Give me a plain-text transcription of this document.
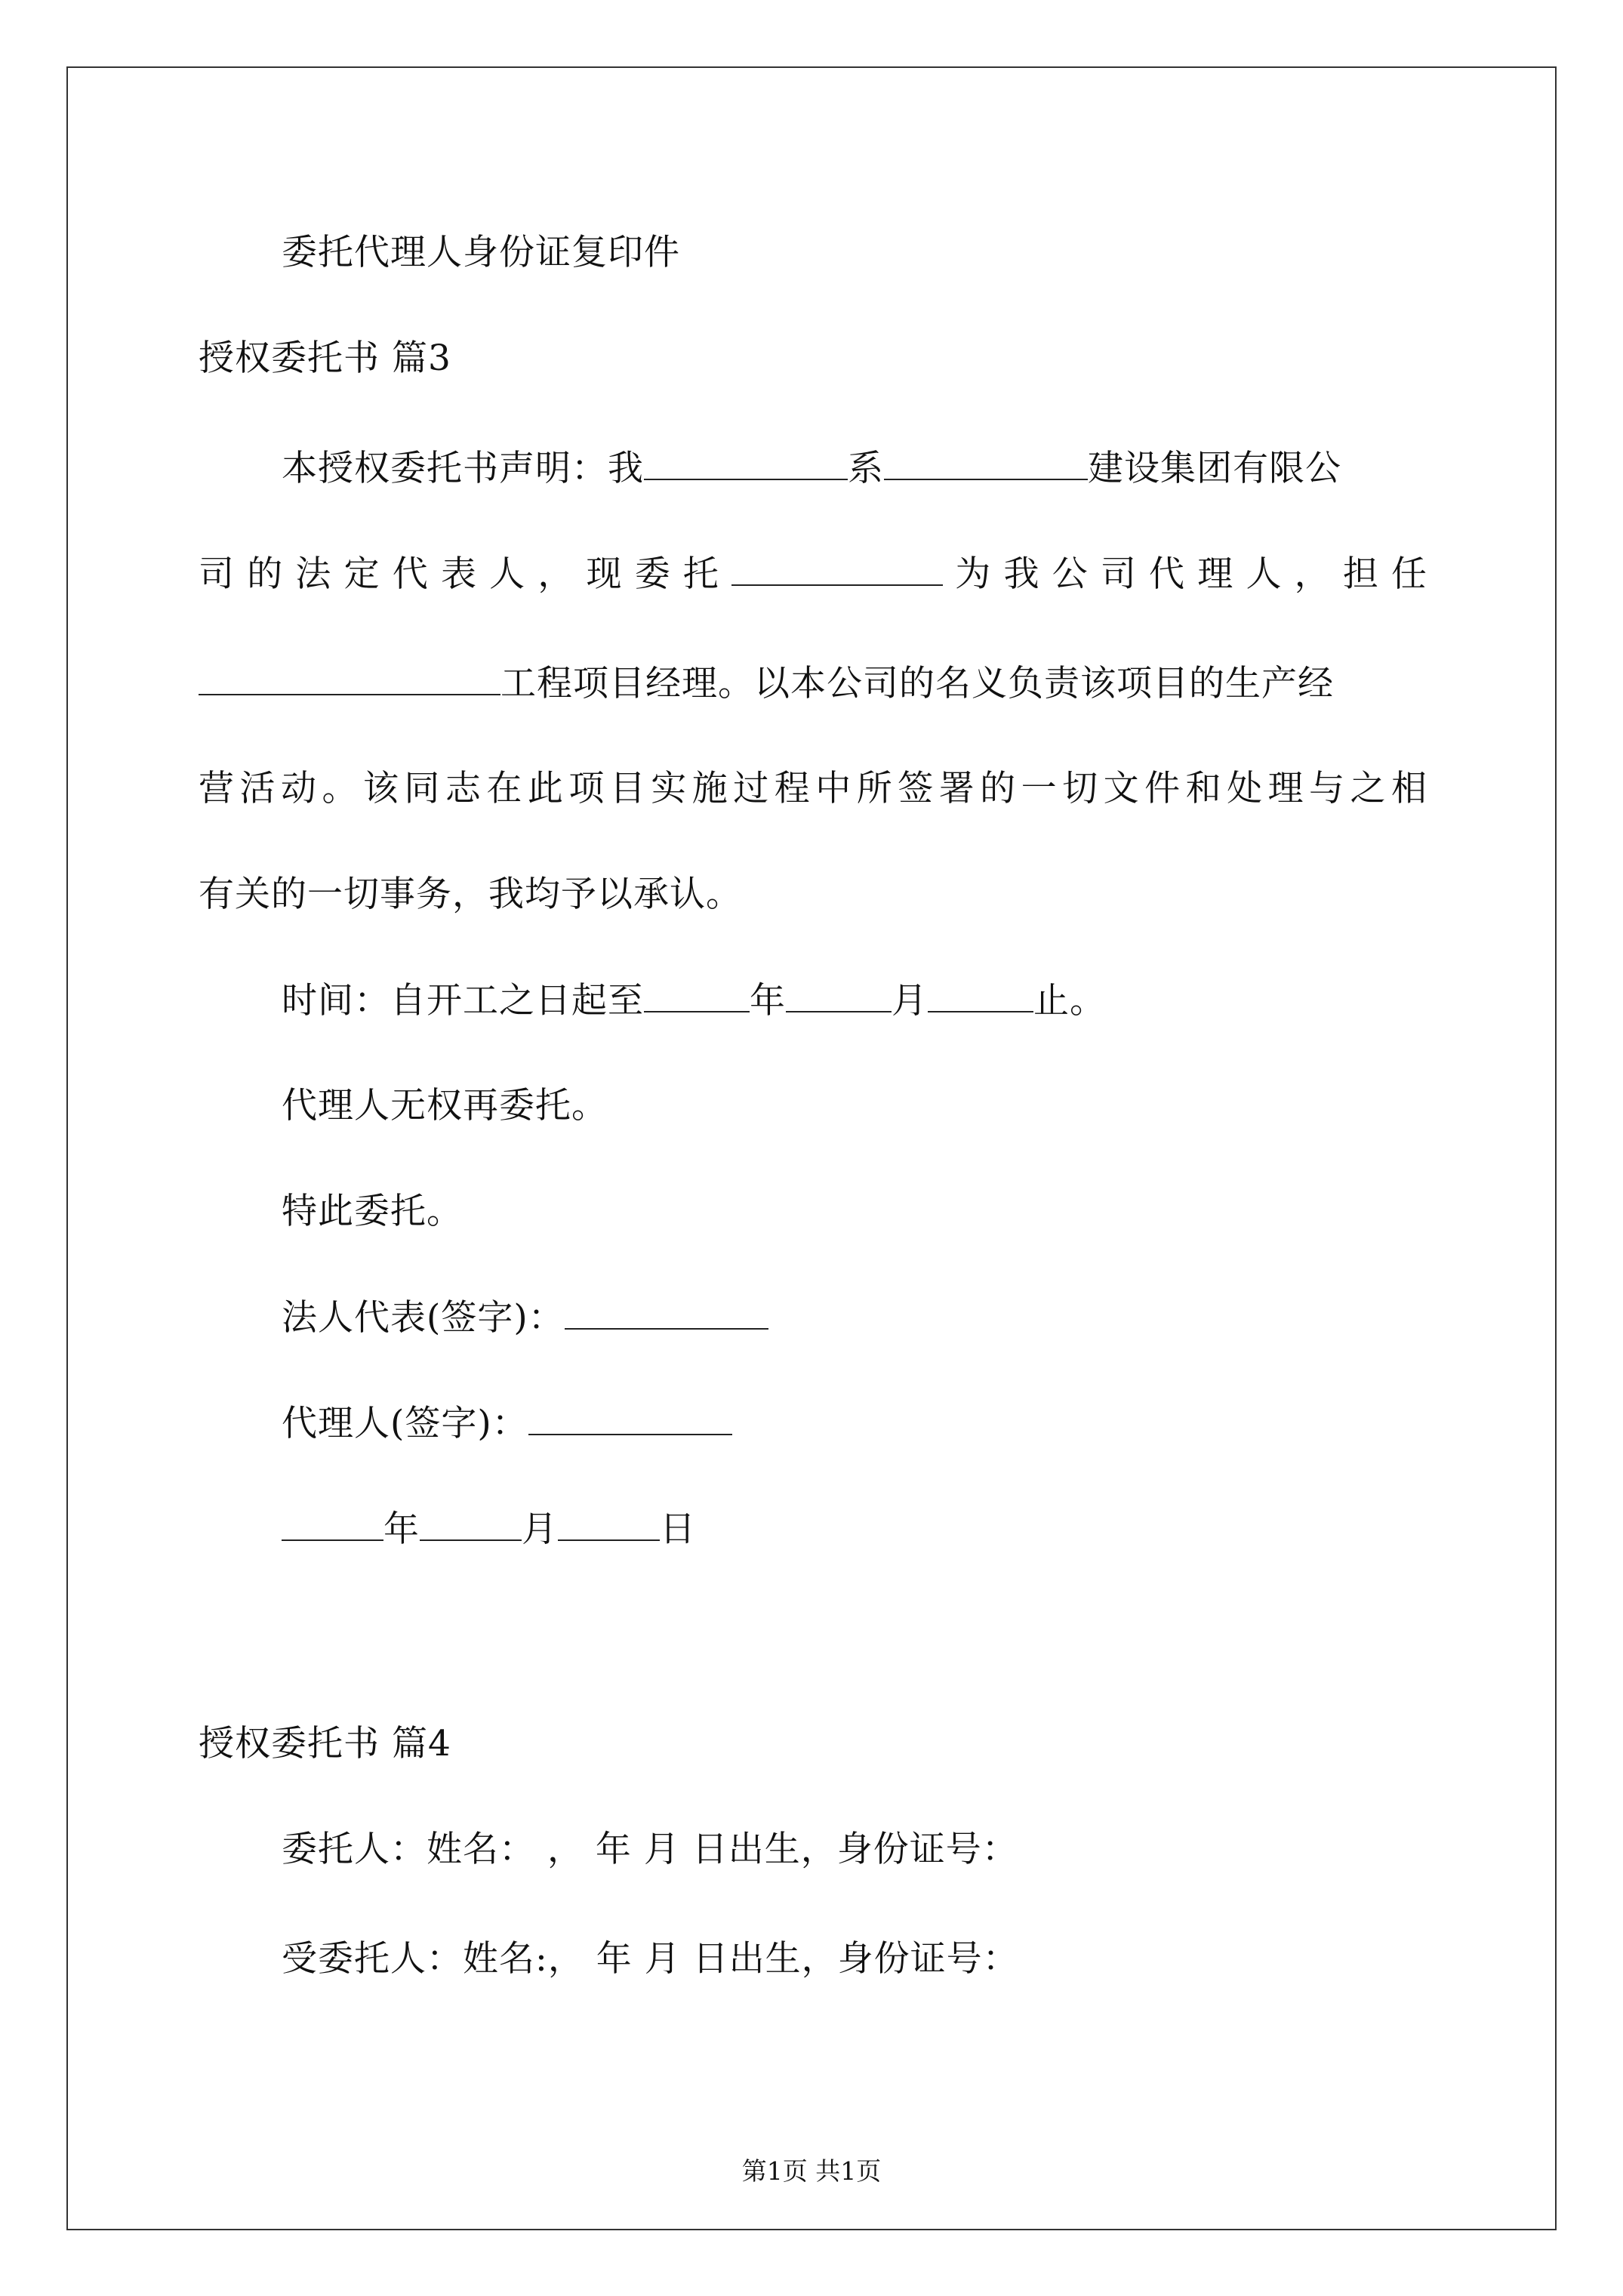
委托代理人身份证复印件
授权委托书 篇3
本授权委托书声明：我	系	建设集团有限公
司的法定代表人，现委托	为我公司代理人，担任
工程项目经理。以本公司的名义负责该项目的生产经
营活动。该同志在此项目实施过程中所签署的一切文件和处理与之相
有关的一切事务，我均予以承认。
时间：自开工之日起至	年	月	止。
代理人无权再委托。
特此委托。
法人代表(签字)：
代理人(签字)：
年	月	日
授权委托书 篇4
委托人：姓名： ， 年 月 日出生，身份证号：
受委托人：姓名:， 年 月 日出生，身份证号：
第1页 共1页
